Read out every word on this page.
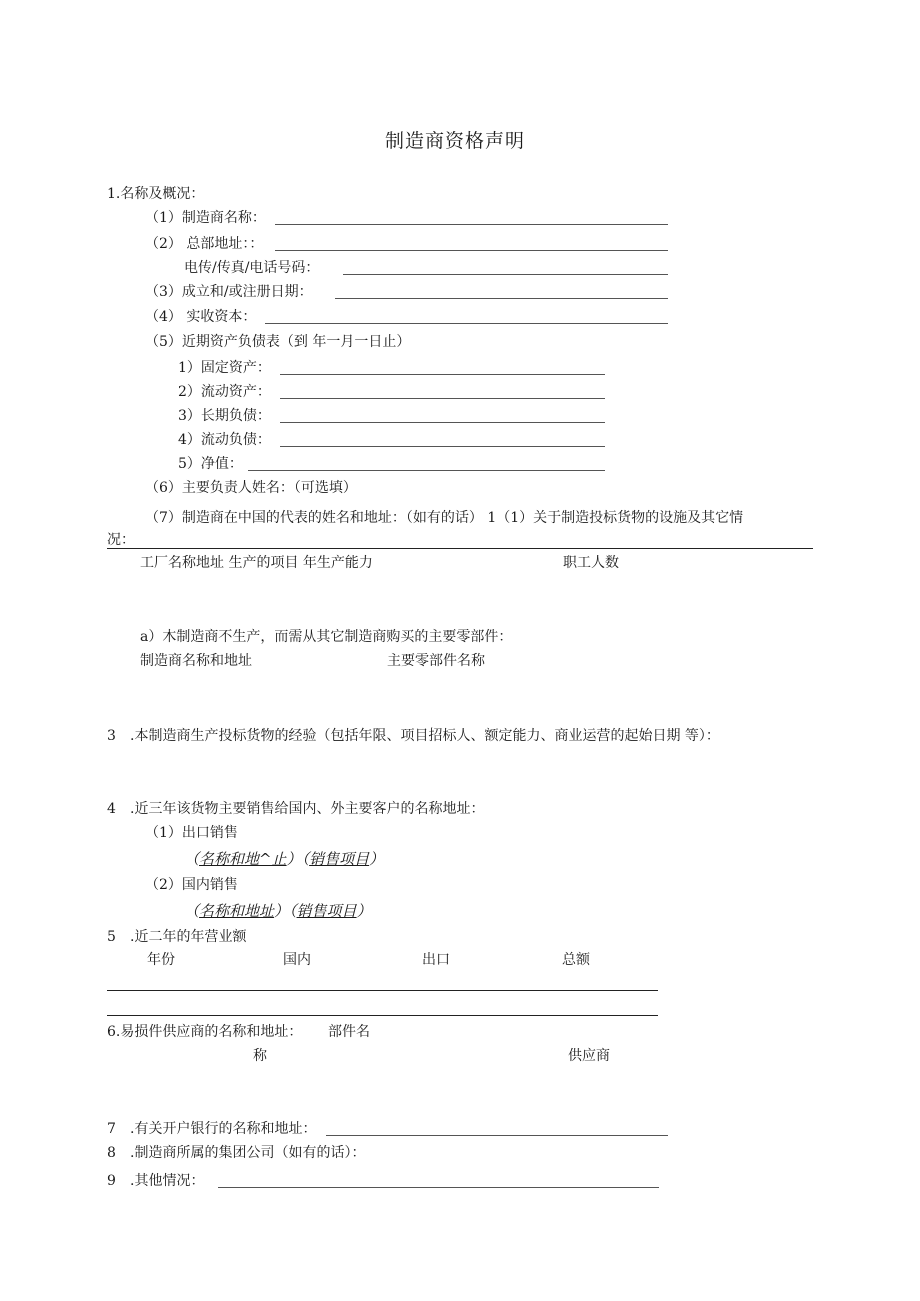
制造商资格声明
1.名称及概况：
（1）制造商名称：
（2） 总部地址：：
电传/传真/电话号码：
（3）成立和/或注册日期：
（4） 实收资本：
（5）近期资产负债表（到 年一月一日止）
1）固定资产：
2）流动资产：
3）长期负债：
4）流动负债：
5）净值：
（6）主要负责人姓名：（可选填）
（7）制造商在中国的代表的姓名和地址：（如有的话） 1（1）关于制造投标货物的设施及其它情
况：
工厂名称地址 生产的项目 年生产能力	职工人数
a）木制造商不生产，而需从其它制造商购买的主要零部件：
制造商名称和地址	主要零部件名称
3 .本制造商生产投标货物的经验（包括年限、项目招标人、额定能力、商业运营的起始日期 等）：
4 .近三年该货物主要销售给国内、外主要客户的名称地址：
（1）出口销售
（名称和地^止）（销售项目）
（2）国内销售
（名称和地址）（销售项目）
5 .近二年的年营业额
年份	国内	出口	总额
6.易损件供应商的名称和地址： 部件名
称	供应商
7 .有关开户银行的名称和地址：
8 .制造商所属的集团公司（如有的话）：
9 .其他情况：
